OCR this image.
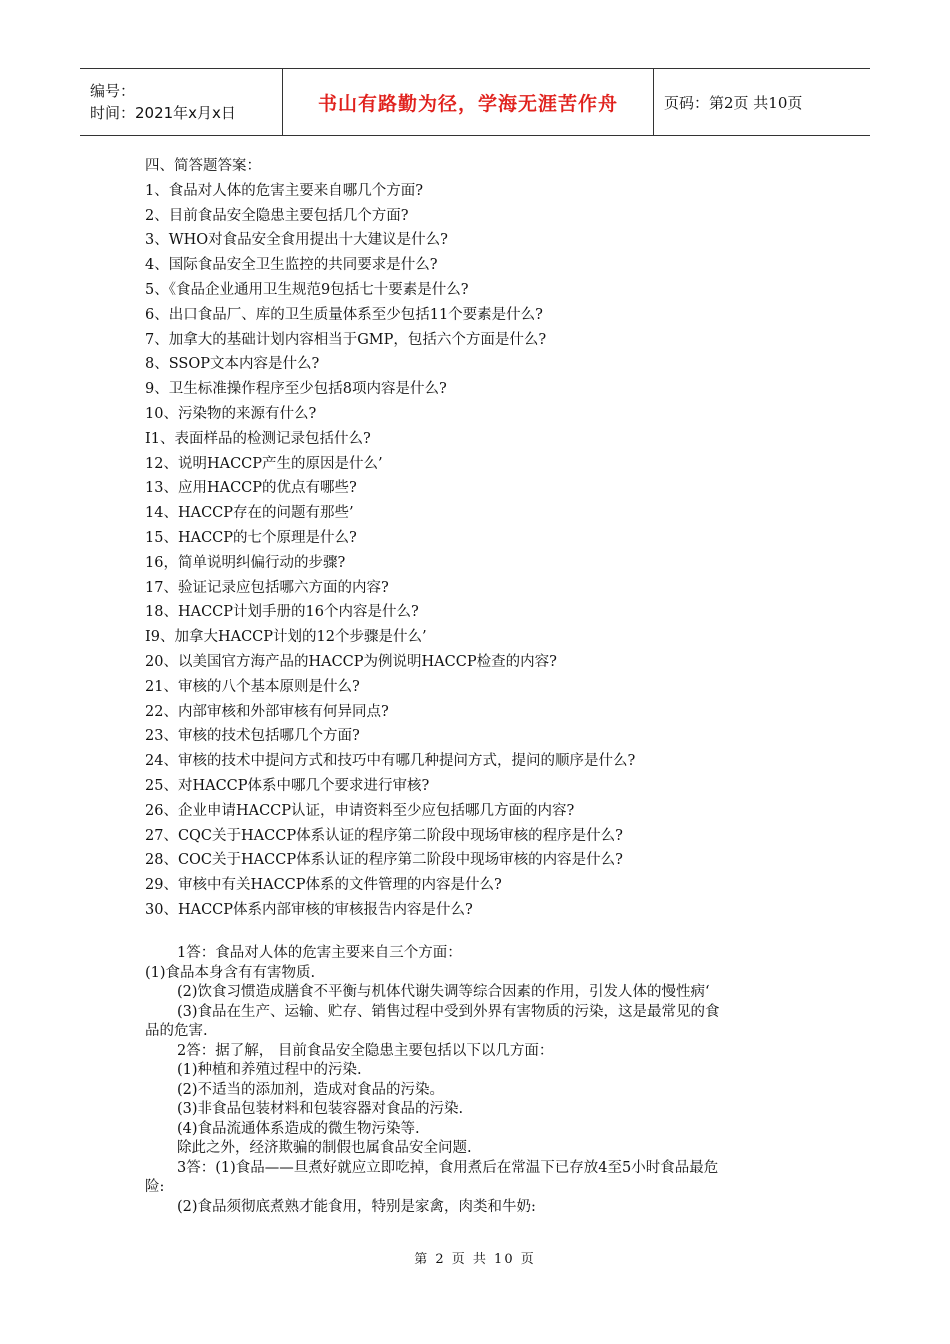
编号：
时间：2021年x月x日	书山有路勤为径，学海无涯苦作舟	页码：第2页 共10页
四、简答题答案：
1、食品对人体的危害主要来自哪几个方面?
2、目前食品安全隐患主要包括几个方面?
3、WHO对食品安全食用提出十大建议是什么?
4、国际食品安全卫生监控的共同要求是什么?
5、《食品企业通用卫生规范9包括七十要素是什么?
6、出口食品厂、库的卫生质量体系至少包括11个要素是什么?
7、加拿大的基础计划内容相当于GMP，包括六个方面是什么?
8、SSOP文本内容是什么?
9、卫生标准操作程序至少包括8项内容是什么?
10、污染物的来源有什么?
I1、表面样品的检测记录包括什么?
12、说明HACCP产生的原因是什么’
13、应用HACCP的优点有哪些?
14、HACCP存在的问题有那些’
15、HACCP的七个原理是什么?
16，简单说明纠偏行动的步骤?
17、验证记录应包括哪六方面的内容?
18、HACCP计划手册的16个内容是什么?
I9、加拿大HACCP计划的12个步骤是什么’
20、以美国官方海产品的HACCP为例说明HACCP检查的内容?
21、审核的八个基本原则是什么?
22、内部审核和外部审核有何异同点?
23、审核的技术包括哪几个方面?
24、审核的技术中提问方式和技巧中有哪几种提问方式，提问的顺序是什么?
25、对HACCP体系中哪几个要求进行审核?
26、企业申请HACCP认证，申请资料至少应包括哪几方面的内容?
27、CQC关于HACCP体系认证的程序第二阶段中现场审核的程序是什么?
28、COC关于HACCP体系认证的程序第二阶段中现场审核的内容是什么?
29、审核中有关HACCP体系的文件管理的内容是什么?
30、HACCP体系内部审核的审核报告内容是什么?
1答：食品对人体的危害主要来自三个方面：
(1)食品本身含有有害物质.
(2)饮食习惯造成膳食不平衡与机体代谢失调等综合因素的作用，引发人体的慢性病‘
(3)食品在生产、运输、贮存、销售过程中受到外界有害物质的污染，这是最常见的食
品的危害.
2答：据了解， 目前食品安全隐患主要包括以下以几方面：
(1)种植和养殖过程中的污染.
(2)不适当的添加剂，造成对食品的污染。
(3)非食品包装材料和包装容器对食品的污染.
(4)食品流通体系造成的微生物污染等.
除此之外，经济欺骗的制假也属食品安全问题.
3答：(1)食品——旦煮好就应立即吃掉，食用煮后在常温下已存放4至5小时食品最危
险:
(2)食品须彻底煮熟才能食用，特别是家禽，肉类和牛奶:
第 2 页 共 10 页
